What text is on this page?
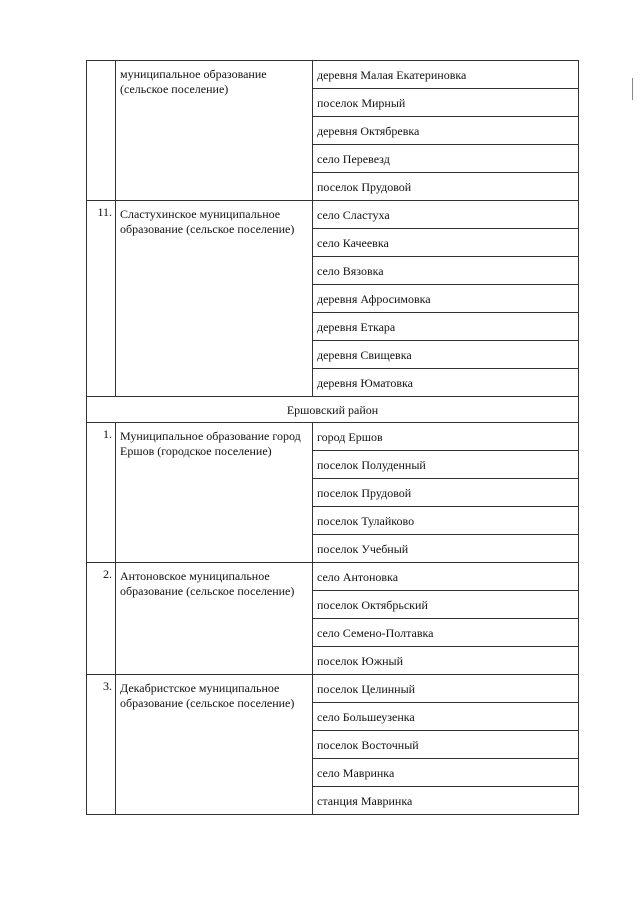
	муниципальное образование (сельское поселение)	деревня Малая Екатериновка
		поселок Мирный
		деревня Октябревка
		село Перевезд
		поселок Прудовой
11.	Сластухинское муниципальное образование (сельское поселение)	село Сластуха
		село Качеевка
		село Вязовка
		деревня Афросимовка
		деревня Еткара
		деревня Свищевка
		деревня Юматовка
Ершовский район		
1.	Муниципальное образование город Ершов (городское поселение)	город Ершов
		поселок Полуденный
		поселок Прудовой
		поселок Тулайково
		поселок Учебный
2.	Антоновское муниципальное образование (сельское поселение)	село Антоновка
		поселок Октябрьский
		село Семено-Полтавка
		поселок Южный
3.	Декабристское муниципальное образование (сельское поселение)	поселок Целинный
		село Большеузенка
		поселок Восточный
		село Мавринка
		станция Мавринка
